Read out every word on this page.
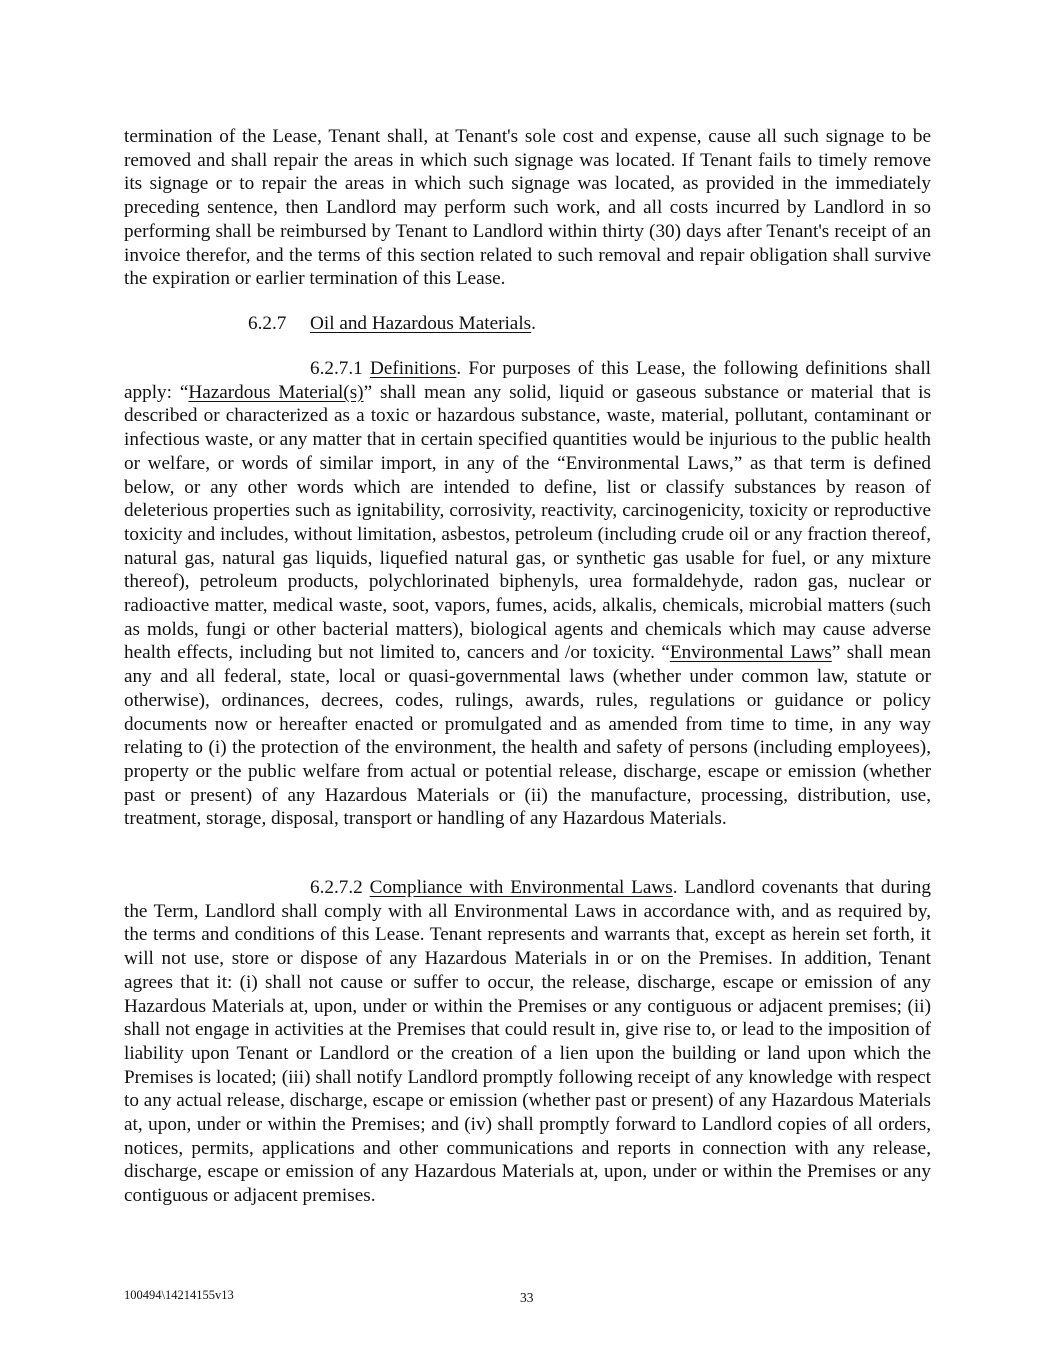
termination of the Lease, Tenant shall, at Tenant's sole cost and expense, cause all such signage to be removed and shall repair the areas in which such signage was located. If Tenant fails to timely remove its signage or to repair the areas in which such signage was located, as provided in the immediately preceding sentence, then Landlord may perform such work, and all costs incurred by Landlord in so performing shall be reimbursed by Tenant to Landlord within thirty (30) days after Tenant's receipt of an invoice therefor, and the terms of this section related to such removal and repair obligation shall survive the expiration or earlier termination of this Lease.

6.2.7 Oil and Hazardous Materials.

6.2.7.1 Definitions. For purposes of this Lease, the following definitions shall apply: “Hazardous Material(s)” shall mean any solid, liquid or gaseous substance or material that is described or characterized as a toxic or hazardous substance, waste, material, pollutant, contaminant or infectious waste, or any matter that in certain specified quantities would be injurious to the public health or welfare, or words of similar import, in any of the “Environmental Laws,” as that term is defined below, or any other words which are intended to define, list or classify substances by reason of deleterious properties such as ignitability, corrosivity, reactivity, carcinogenicity, toxicity or reproductive toxicity and includes, without limitation, asbestos, petroleum (including crude oil or any fraction thereof, natural gas, natural gas liquids, liquefied natural gas, or synthetic gas usable for fuel, or any mixture thereof), petroleum products, polychlorinated biphenyls, urea formaldehyde, radon gas, nuclear or radioactive matter, medical waste, soot, vapors, fumes, acids, alkalis, chemicals, microbial matters (such as molds, fungi or other bacterial matters), biological agents and chemicals which may cause adverse health effects, including but not limited to, cancers and /or toxicity. “Environmental Laws” shall mean any and all federal, state, local or quasi-governmental laws (whether under common law, statute or otherwise), ordinances, decrees, codes, rulings, awards, rules, regulations or guidance or policy documents now or hereafter enacted or promulgated and as amended from time to time, in any way relating to (i) the protection of the environment, the health and safety of persons (including employees), property or the public welfare from actual or potential release, discharge, escape or emission (whether past or present) of any Hazardous Materials or (ii) the manufacture, processing, distribution, use, treatment, storage, disposal, transport or handling of any Hazardous Materials.

6.2.7.2 Compliance with Environmental Laws. Landlord covenants that during the Term, Landlord shall comply with all Environmental Laws in accordance with, and as required by, the terms and conditions of this Lease. Tenant represents and warrants that, except as herein set forth, it will not use, store or dispose of any Hazardous Materials in or on the Premises. In addition, Tenant agrees that it: (i) shall not cause or suffer to occur, the release, discharge, escape or emission of any Hazardous Materials at, upon, under or within the Premises or any contiguous or adjacent premises; (ii) shall not engage in activities at the Premises that could result in, give rise to, or lead to the imposition of liability upon Tenant or Landlord or the creation of a lien upon the building or land upon which the Premises is located; (iii) shall notify Landlord promptly following receipt of any knowledge with respect to any actual release, discharge, escape or emission (whether past or present) of any Hazardous Materials at, upon, under or within the Premises; and (iv) shall promptly forward to Landlord copies of all orders, notices, permits, applications and other communications and reports in connection with any release, discharge, escape or emission of any Hazardous Materials at, upon, under or within the Premises or any contiguous or adjacent premises.

100494\14214155v13	33
